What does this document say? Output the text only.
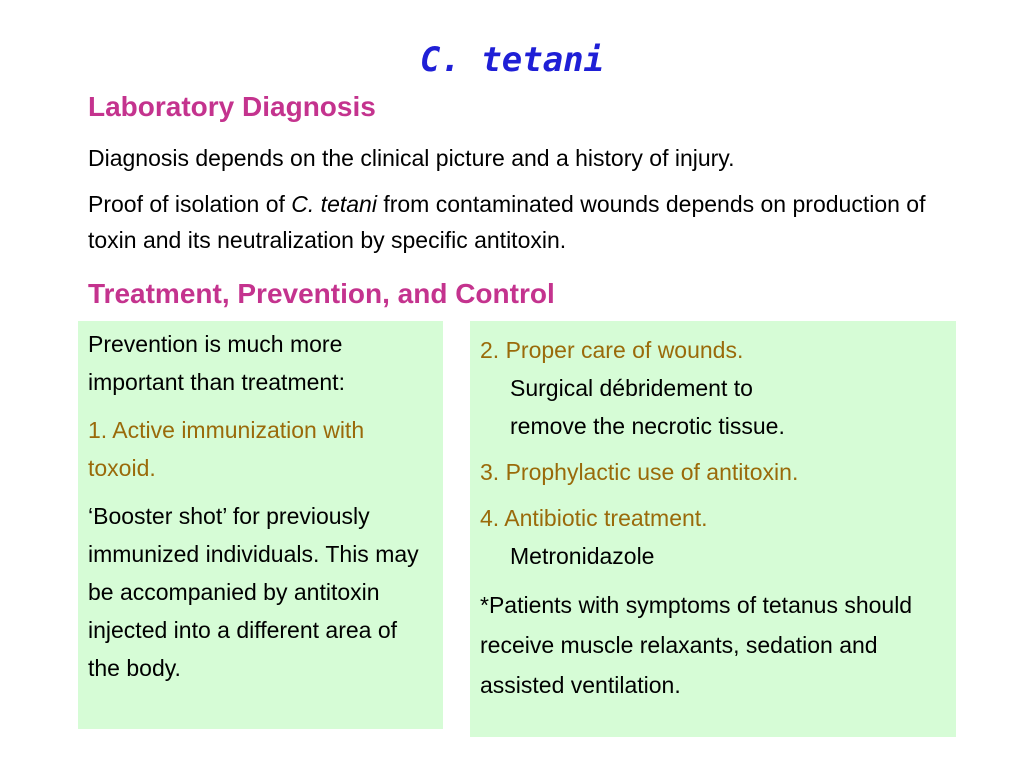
C. tetani
Laboratory Diagnosis
Diagnosis depends on the clinical picture and a history of injury.
Proof of isolation of C. tetani from contaminated wounds depends on production of toxin and its neutralization by specific antitoxin.
Treatment, Prevention, and Control
Prevention is much more important than treatment:
1. Active immunization with toxoid.
‘Booster shot’ for previously immunized individuals. This may be accompanied by antitoxin injected into a different area of the body.
2. Proper care of wounds.
Surgical débridement to
remove the necrotic tissue.
3. Prophylactic use of antitoxin.
4. Antibiotic treatment.
Metronidazole
*Patients with symptoms of tetanus should receive muscle relaxants, sedation and assisted ventilation.
